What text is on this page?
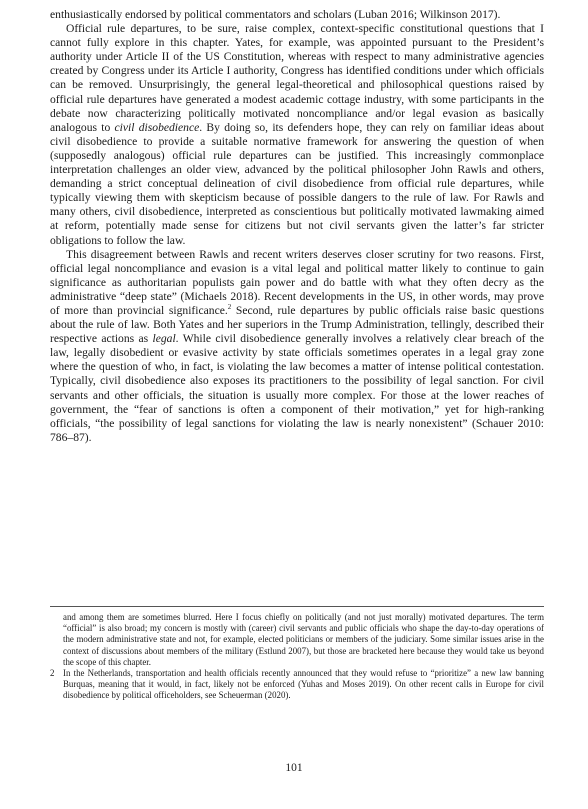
enthusiastically endorsed by political commentators and scholars (Luban 2016; Wilkinson 2017).

Official rule departures, to be sure, raise complex, context-specific constitutional questions that I cannot fully explore in this chapter. Yates, for example, was appointed pursuant to the President’s authority under Article II of the US Constitution, whereas with respect to many administrative agencies created by Congress under its Article I authority, Congress has identified conditions under which officials can be removed. Unsurprisingly, the general legal-theoretical and philosophical questions raised by official rule departures have generated a modest academic cottage industry, with some participants in the debate now characterizing politically motivated noncompliance and/or legal evasion as basically analogous to civil disobedience. By doing so, its defenders hope, they can rely on familiar ideas about civil disobedience to provide a suitable normative framework for answering the question of when (supposedly analogous) official rule departures can be justified. This increasingly commonplace interpretation challenges an older view, advanced by the political philosopher John Rawls and others, demanding a strict conceptual delineation of civil disobedience from official rule departures, while typically viewing them with skepticism because of possible dangers to the rule of law. For Rawls and many others, civil disobedience, interpreted as conscientious but politically motivated lawmaking aimed at reform, potentially made sense for citizens but not civil servants given the latter’s far stricter obligations to follow the law.

This disagreement between Rawls and recent writers deserves closer scrutiny for two reasons. First, official legal noncompliance and evasion is a vital legal and political matter likely to continue to gain significance as authoritarian populists gain power and do battle with what they often decry as the administrative “deep state” (Michaels 2018). Recent developments in the US, in other words, may prove of more than provincial significance.$^2$ Second, rule departures by public officials raise basic questions about the rule of law. Both Yates and her superiors in the Trump Administration, tellingly, described their respective actions as legal. While civil disobedience generally involves a relatively clear breach of the law, legally disobedient or evasive activity by state officials sometimes operates in a legal gray zone where the question of who, in fact, is violating the law becomes a matter of intense political contestation. Typically, civil disobedience also exposes its practitioners to the possibility of legal sanction. For civil servants and other officials, the situation is usually more complex. For those at the lower reaches of government, the “fear of sanctions is often a component of their motivation,” yet for high-ranking officials, “the possibility of legal sanctions for violating the law is nearly nonexistent” (Schauer 2010: 786–87).

and among them are sometimes blurred. Here I focus chiefly on politically (and not just morally) motivated departures. The term “official” is also broad; my concern is mostly with (career) civil servants and public officials who shape the day-to-day operations of the modern administrative state and not, for example, elected politicians or members of the judiciary. Some similar issues arise in the context of discussions about members of the military (Estlund 2007), but those are bracketed here because they would take us beyond the scope of this chapter.

2 In the Netherlands, transportation and health officials recently announced that they would refuse to “prioritize” a new law banning Burquas, meaning that it would, in fact, likely not be enforced (Yuhas and Moses 2019). On other recent calls in Europe for civil disobedience by political officeholders, see Scheuerman (2020).

101
